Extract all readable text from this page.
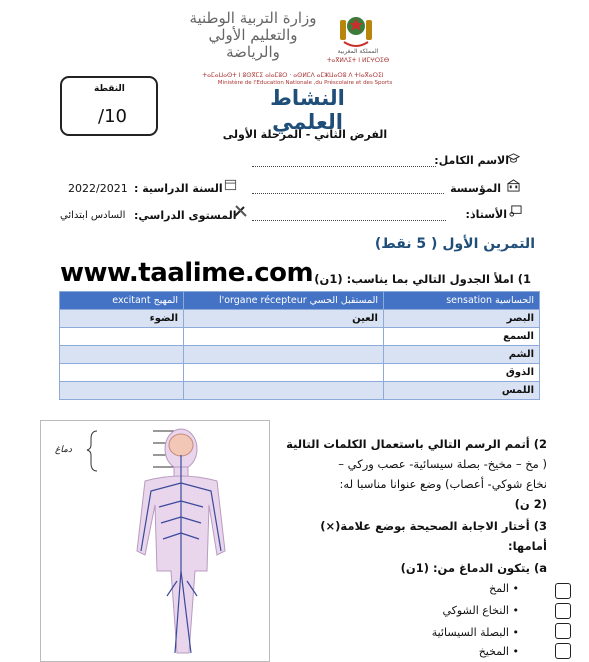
وزارة التربية الوطنية
والتعليم الأولي
والرياضة	المملكة المغربية
ⵜⴰⴳⵍⴷⵉⵜ ⵏ ⵍⵎⵖⵔⵉⴱ
ⵜⴰⵎⴰⵡⴰⵙⵜ ⵏ ⵓⵙⴳⵎⵉ ⴰⵏⴰⵎⵓⵔ · ⴰⵙⵍⵎⴷ ⴰⵎⵣⵡⴰⵔⵓ ⴷ ⵜⵏⴰⴳⴰⵔⵉⵏ
Ministère de l'Education Nationale ,du Préscolaire et des Sports
النقطة
/10
النشاط العلمي
الفرض الثاني - المرحلة الأولى
الاسم الكامل:
المؤسسة
السنة الدراسية :
2022/2021
الأستاذ:
المستوى الدراسي:
السادس ابتدائي
التمرين الأول ( 5 نقط)
www.taalime.com 1) املأ الجدول التالي بما يناسب: (1ن)
الحساسية sensation	المستقبل الحسي l'organe récepteur	المهيج excitant
البصر	العين	الضوء
السمع		
الشم		
الذوق		
اللمس		
دماغ	2) أتمم الرسم التالي باستعمال الكلمات التالية
( مخ – مخيخ- بصلة سيسائية- عصب وركي –
نخاع شوكي- أعصاب) وضع عنوانا مناسبا له:
(2 ن)
3) أختار الاجابة الصحيحة بوضع علامة(×)
أمامها:
a) يتكون الدماغ من: (1ن)
• المخ
• النخاع الشوكي
• البصلة السيسائية
• المخيخ
